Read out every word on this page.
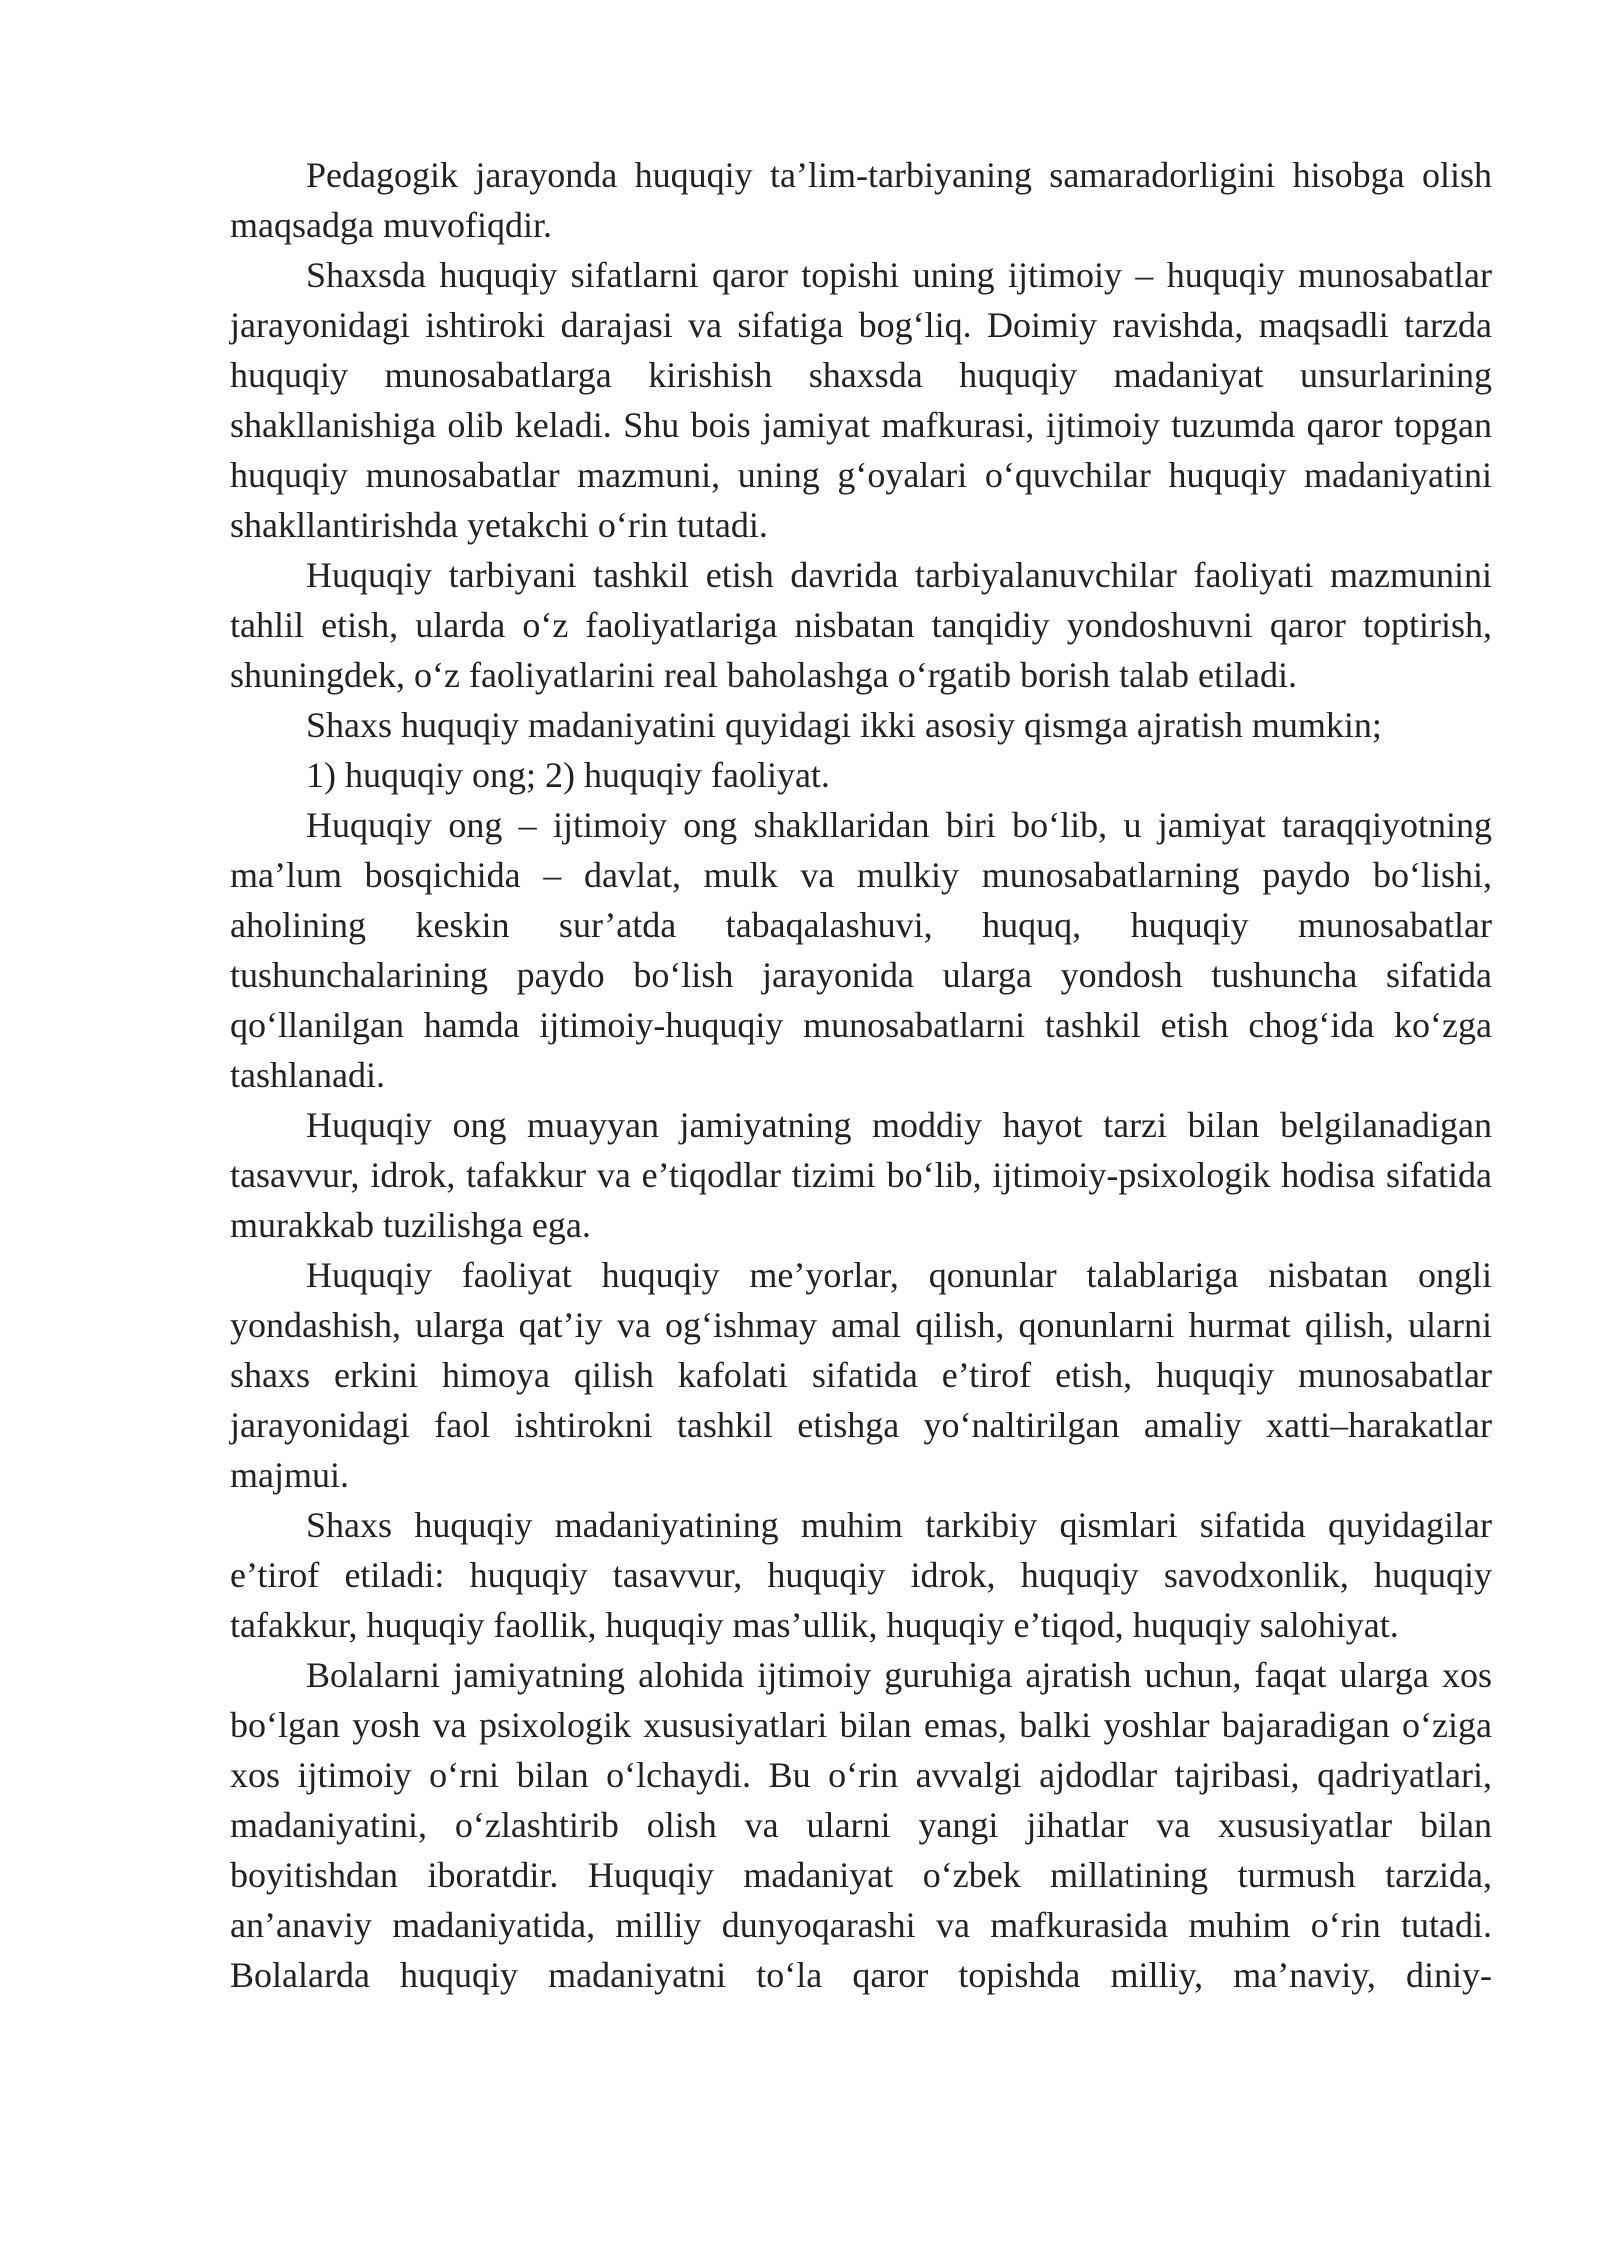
Pedagogik jarayonda huquqiy ta’lim-tarbiyaning samaradorligini hisobga olish maqsadga muvofiqdir.

Shaxsda huquqiy sifatlarni qaror topishi uning ijtimoiy – huquqiy munosabatlar jarayonidagi ishtiroki darajasi va sifatiga bog‘liq. Doimiy ravishda, maqsadli tarzda huquqiy munosabatlarga kirishish shaxsda huquqiy madaniyat unsurlarining shakllanishiga olib keladi. Shu bois jamiyat mafkurasi, ijtimoiy tuzumda qaror topgan huquqiy munosabatlar mazmuni, uning g‘oyalari o‘quvchilar huquqiy madaniyatini shakllantirishda yetakchi o‘rin tutadi.

Huquqiy tarbiyani tashkil etish davrida tarbiyalanuvchilar faoliyati mazmunini tahlil etish, ularda o‘z faoliyatlariga nisbatan tanqidiy yondoshuvni qaror toptirish, shuningdek, o‘z faoliyatlarini real baholashga o‘rgatib borish talab etiladi.

Shaxs huquqiy madaniyatini quyidagi ikki asosiy qismga ajratish mumkin;

1) huquqiy ong; 2) huquqiy faoliyat.

Huquqiy ong – ijtimoiy ong shakllaridan biri bo‘lib, u jamiyat taraqqiyotning ma’lum bosqichida – davlat, mulk va mulkiy munosabatlarning paydo bo‘lishi, aholining keskin sur’atda tabaqalashuvi, huquq, huquqiy munosabatlar tushunchalarining paydo bo‘lish jarayonida ularga yondosh tushuncha sifatida qo‘llanilgan hamda ijtimoiy-huquqiy munosabatlarni tashkil etish chog‘ida ko‘zga tashlanadi.

Huquqiy ong muayyan jamiyatning moddiy hayot tarzi bilan belgilanadigan tasavvur, idrok, tafakkur va e’tiqodlar tizimi bo‘lib, ijtimoiy-psixologik hodisa sifatida murakkab tuzilishga ega.

Huquqiy faoliyat huquqiy me’yorlar, qonunlar talablariga nisbatan ongli yondashish, ularga qat’iy va og‘ishmay amal qilish, qonunlarni hurmat qilish, ularni shaxs erkini himoya qilish kafolati sifatida e’tirof etish, huquqiy munosabatlar jarayonidagi faol ishtirokni tashkil etishga yo‘naltirilgan amaliy xatti–harakatlar majmui.

Shaxs huquqiy madaniyatining muhim tarkibiy qismlari sifatida quyidagilar e’tirof etiladi: huquqiy tasavvur, huquqiy idrok, huquqiy savodxonlik, huquqiy tafakkur, huquqiy faollik, huquqiy mas’ullik, huquqiy e’tiqod, huquqiy salohiyat.

Bolalarni jamiyatning alohida ijtimoiy guruhiga ajratish uchun, faqat ularga xos bo‘lgan yosh va psixologik xususiyatlari bilan emas, balki yoshlar bajaradigan o‘ziga xos ijtimoiy o‘rni bilan o‘lchaydi. Bu o‘rin avvalgi ajdodlar tajribasi, qadriyatlari, madaniyatini, o‘zlashtirib olish va ularni yangi jihatlar va xususiyatlar bilan boyitishdan iboratdir. Huquqiy madaniyat o‘zbek millatining turmush tarzida, an’anaviy madaniyatida, milliy dunyoqarashi va mafkurasida muhim o‘rin tutadi. Bolalarda huquqiy madaniyatni to‘la qaror topishda milliy, ma’naviy, diniy-
